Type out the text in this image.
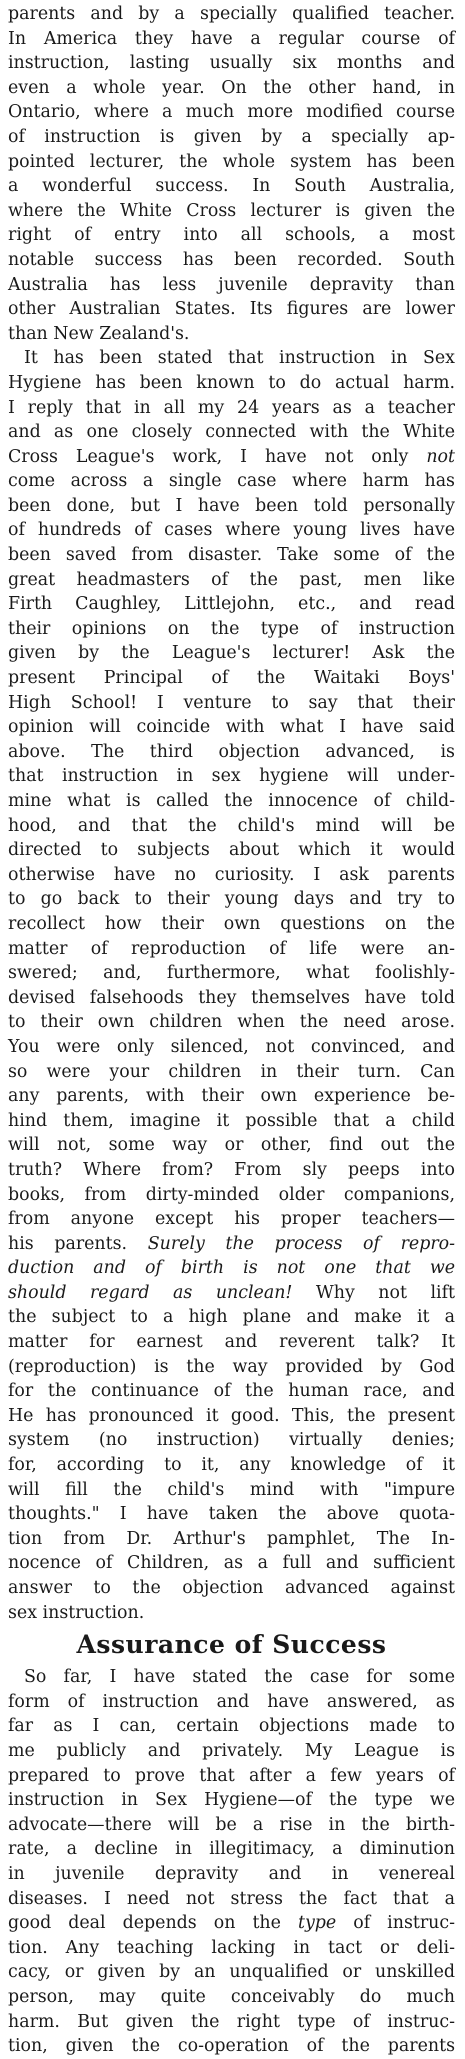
parents and by a specially qualified teacher.

In America they have a regular course of

instruction, lasting usually six months and

even a whole year. On the other hand, in

Ontario, where a much more modified course

of instruction is given by a specially ap-

pointed lecturer, the whole system has been

a wonderful success. In South Australia,

where the White Cross lecturer is given the

right of entry into all schools, a most

notable success has been recorded. South

Australia has less juvenile depravity than

other Australian States. Its figures are lower

than New Zealand's.

It has been stated that instruction in Sex

Hygiene has been known to do actual harm.

I reply that in all my 24 years as a teacher

and as one closely connected with the White

Cross League's work, I have not only not

come across a single case where harm has

been done, but I have been told personally

of hundreds of cases where young lives have

been saved from disaster. Take some of the

great headmasters of the past, men like

Firth Caughley, Littlejohn, etc., and read

their opinions on the type of instruction

given by the League's lecturer! Ask the

present Principal of the Waitaki Boys'

High School! I venture to say that their

opinion will coincide with what I have said

above. The third objection advanced, is

that instruction in sex hygiene will under-

mine what is called the innocence of child-

hood, and that the child's mind will be

directed to subjects about which it would

otherwise have no curiosity. I ask parents

to go back to their young days and try to

recollect how their own questions on the

matter of reproduction of life were an-

swered; and, furthermore, what foolishly-

devised falsehoods they themselves have told

to their own children when the need arose.

You were only silenced, not convinced, and

so were your children in their turn. Can

any parents, with their own experience be-

hind them, imagine it possible that a child

will not, some way or other, find out the

truth? Where from? From sly peeps into

books, from dirty-minded older companions,

from anyone except his proper teachers—

his parents. Surely the process of repro-

duction and of birth is not one that we

should regard as unclean! Why not lift

the subject to a high plane and make it a

matter for earnest and reverent talk? It

(reproduction) is the way provided by God

for the continuance of the human race, and

He has pronounced it good. This, the present

system (no instruction) virtually denies;

for, according to it, any knowledge of it

will fill the child's mind with "impure

thoughts." I have taken the above quota-

tion from Dr. Arthur's pamphlet, The In-

nocence of Children, as a full and sufficient

answer to the objection advanced against

sex instruction.

Assurance of Success

So far, I have stated the case for some

form of instruction and have answered, as

far as I can, certain objections made to

me publicly and privately. My League is

prepared to prove that after a few years of

instruction in Sex Hygiene—of the type we

advocate—there will be a rise in the birth-

rate, a decline in illegitimacy, a diminution

in juvenile depravity and in venereal

diseases. I need not stress the fact that a

good deal depends on the type of instruc-

tion. Any teaching lacking in tact or deli-

cacy, or given by an unqualified or unskilled

person, may quite conceivably do much

harm. But given the right type of instruc-

tion, given the co-operation of the parents
